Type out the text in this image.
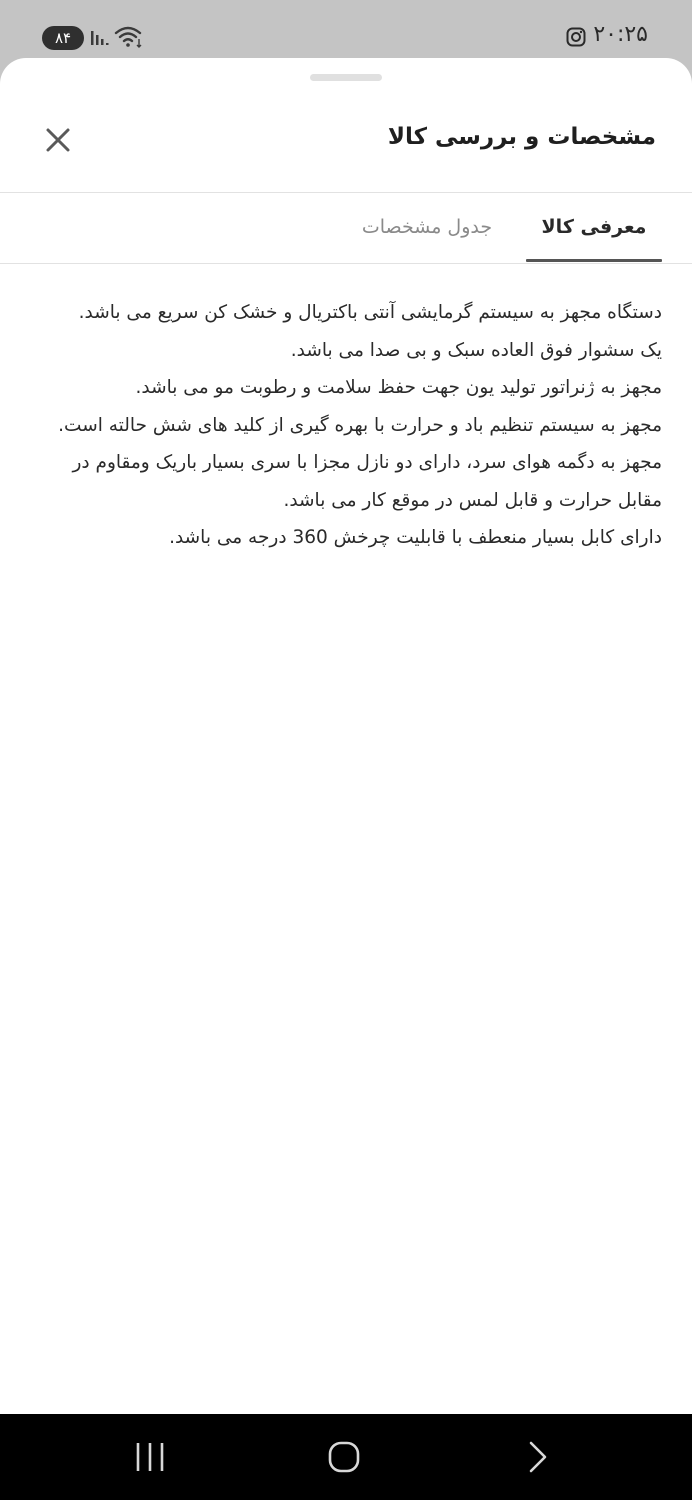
۲۰:۲۵
۸۴
مشخصات و بررسی کالا
معرفی کالا
جدول مشخصات

دستگاه مجهز به سیستم گرمایشی آنتی باکتریال و خشک کن سریع می باشد.

یک سشوار فوق العاده سبک و بی صدا می باشد.

مجهز به ژنراتور تولید یون جهت حفظ سلامت و رطوبت مو می باشد.

مجهز به سیستم تنظیم باد و حرارت با بهره گیری از کلید های شش حالته است.

مجهز به دگمه هوای سرد، دارای دو نازل مجزا با سری بسیار باریک ومقاوم در مقابل حرارت و قابل لمس در موقع کار می باشد.

دارای کابل بسیار منعطف با قابلیت چرخش 360 درجه می باشد.
